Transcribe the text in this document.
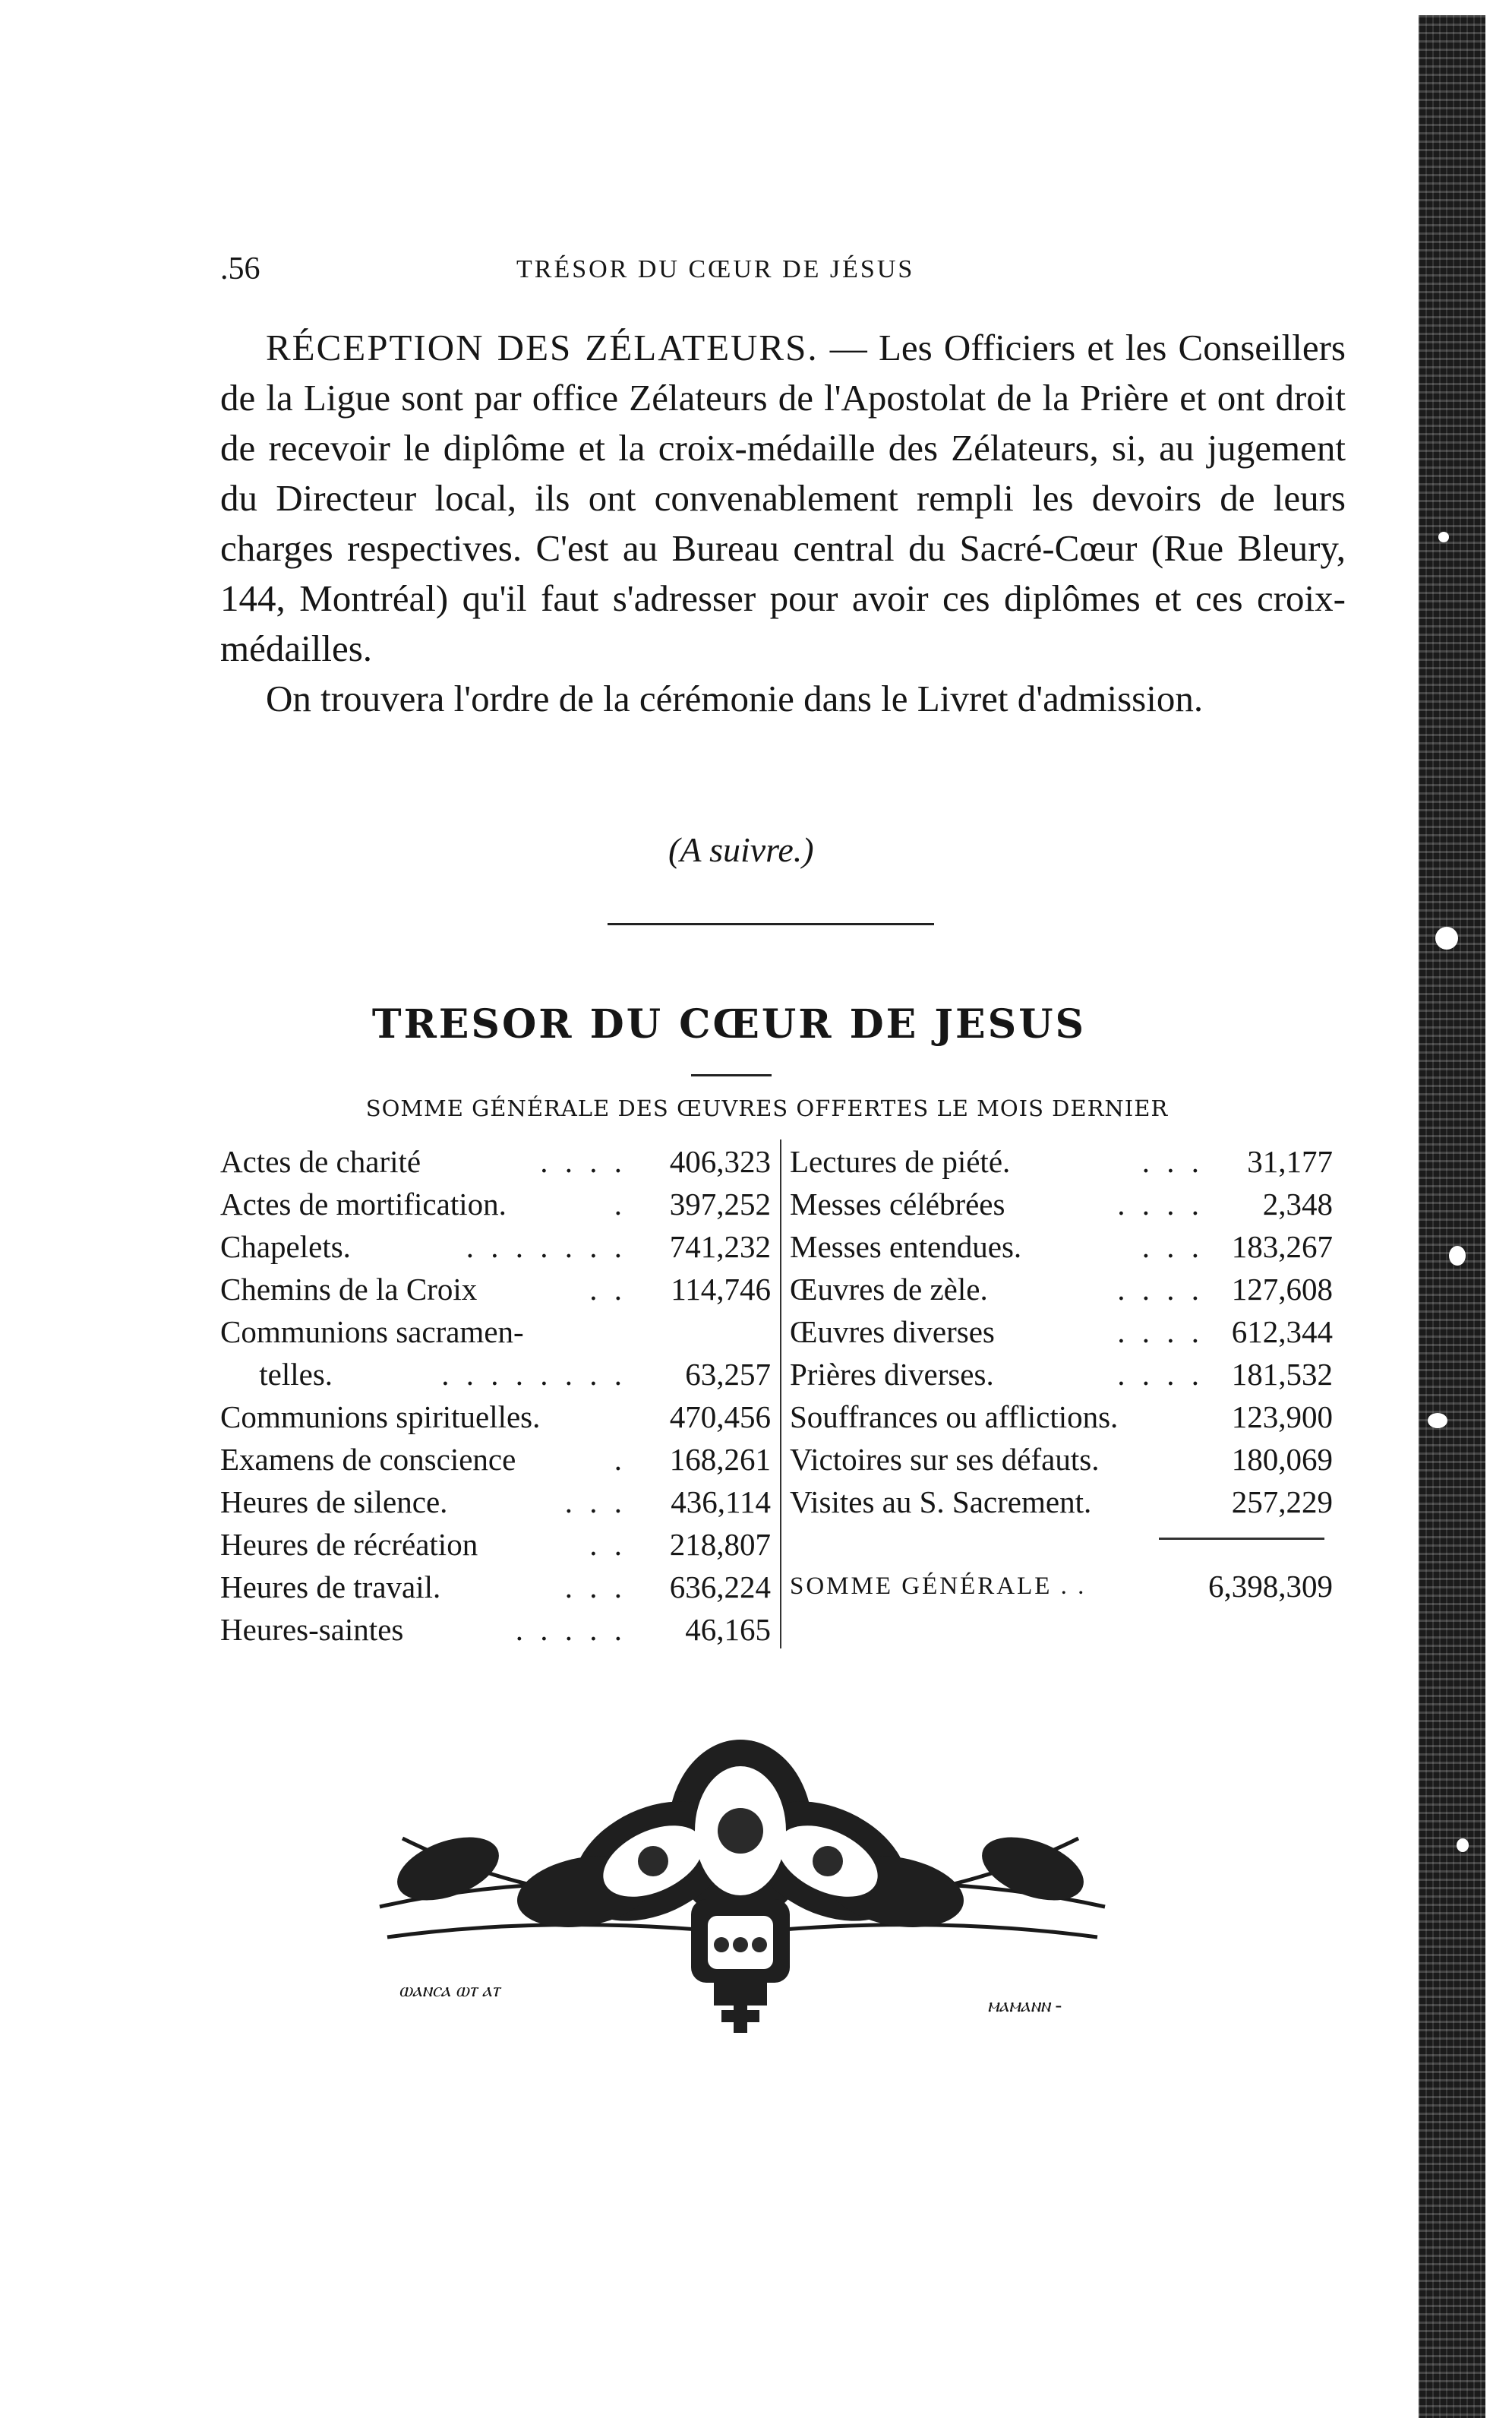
.56	TRÉSOR DU CŒUR DE JÉSUS

RÉCEPTION DES ZÉLATEURS. — Les Officiers et les Conseillers de la Ligue sont par office Zélateurs de l'Apostolat de la Prière et ont droit de recevoir le diplôme et la croix-médaille des Zélateurs, si, au jugement du Directeur local, ils ont convenablement rempli les devoirs de leurs charges respectives. C'est au Bureau central du Sacré-Cœur (Rue Bleury, 144, Montréal) qu'il faut s'adresser pour avoir ces diplômes et ces croix-médailles.

On trouvera l'ordre de la cérémonie dans le Livret d'admission.

(A suivre.)
TRESOR DU CŒUR DE JESUS
SOMME GÉNÉRALE DES ŒUVRES OFFERTES LE MOIS DERNIER
Actes de charité	. . . . 406,323
Actes de mortification.	. 397,252
Chapelets.	. . . . . . . 741,232
Chemins de la Croix	. . 114,746
Communions sacramen-
telles.	. . . . . . . . 63,257
Communions spirituelles.	470,456
Examens de conscience	. 168,261
Heures de silence.	. . . 436,114
Heures de récréation	. . 218,807
Heures de travail.	. . . 636,224
Heures-saintes	. . . . . 46,165
Lectures de piété.	. . . 31,177
Messes célébrées	. . . . 2,348
Messes entendues.	. . . 183,267
Œuvres de zèle.	. . . . 127,608
Œuvres diverses	. . . . 612,344
Prières diverses.	. . . . 181,532
Souffrances ou afflictions.	123,900
Victoires sur ses défauts.	180,069
Visites au S. Sacrement.	257,229
SOMME GÉNÉRALE . .	6,398,309
ⲱⲁⲛⲥⲁ ⲱⲧ ⲁⲧ
ⲙⲁⲙⲁⲛⲛ -
